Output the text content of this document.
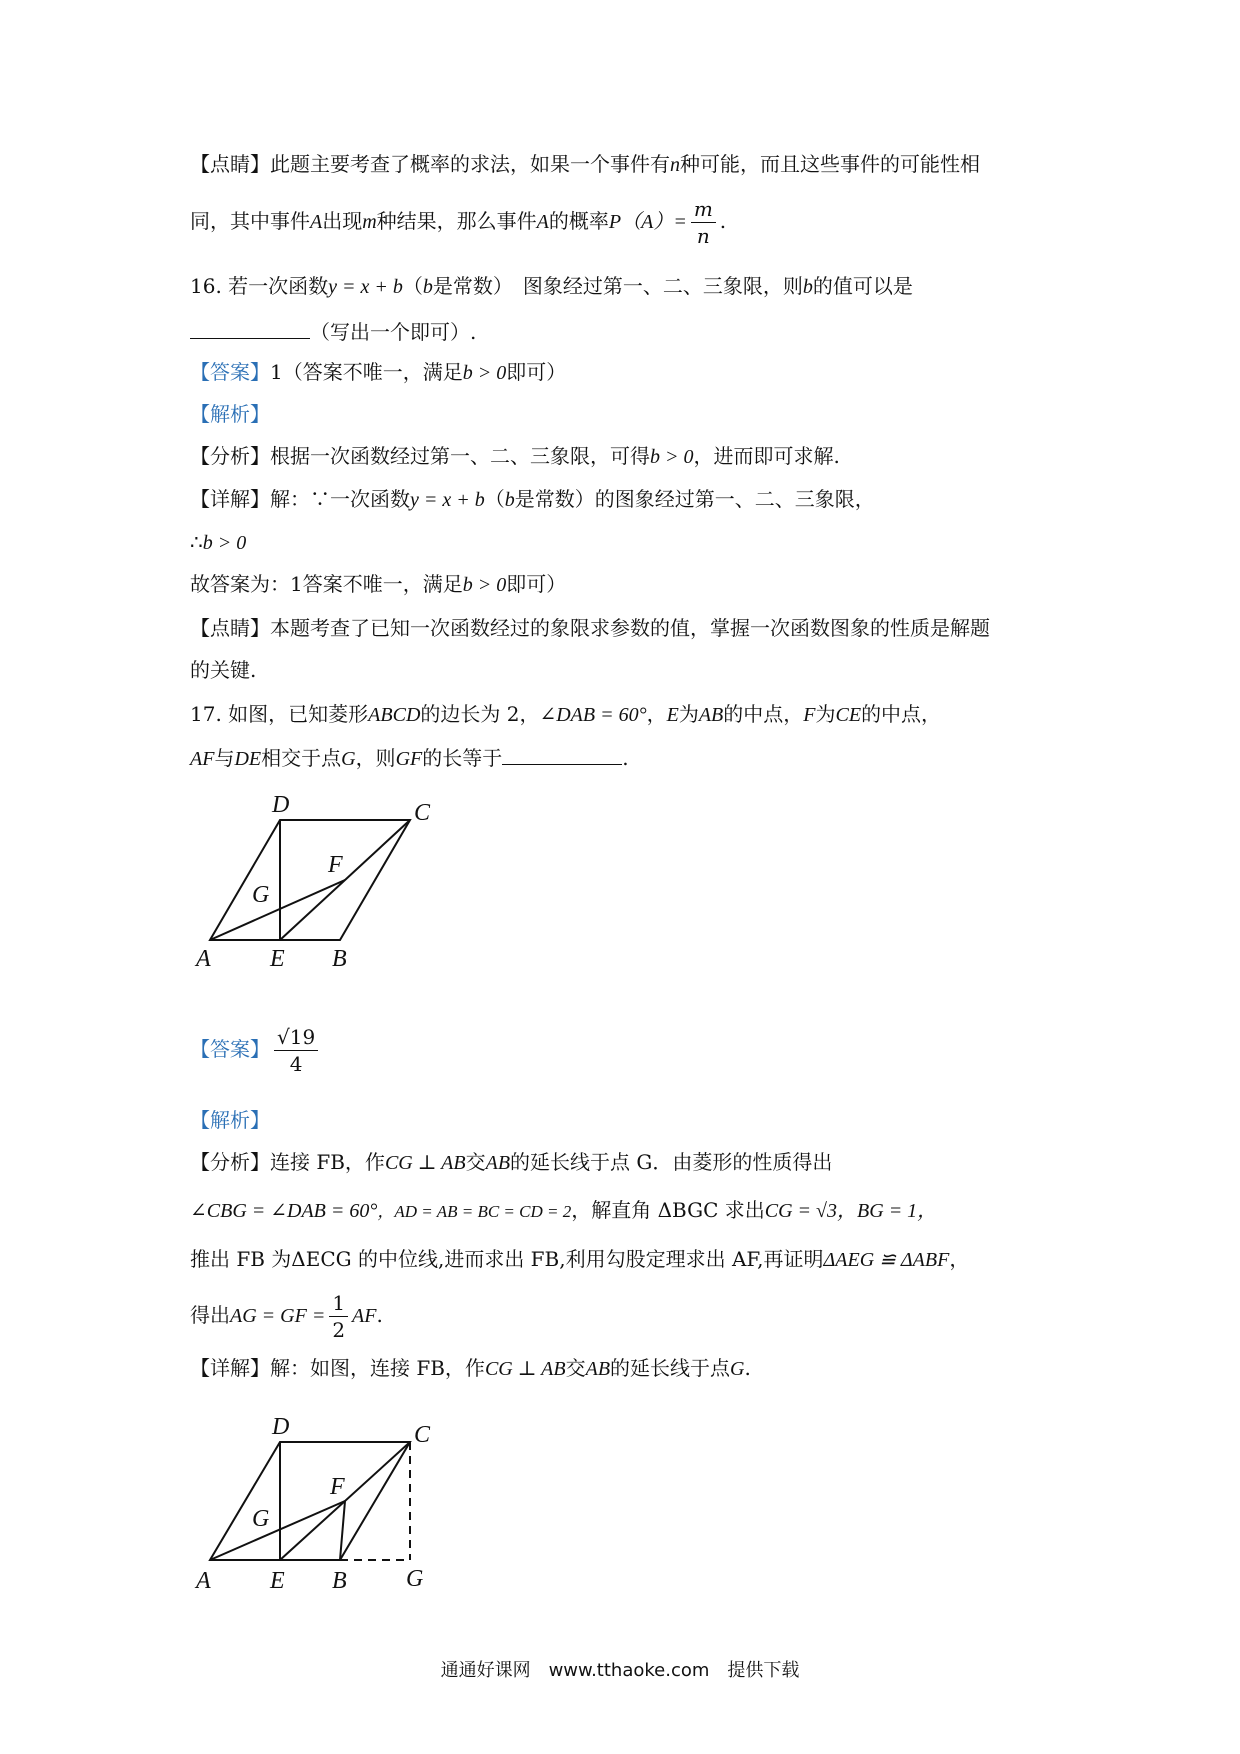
【点睛】此题主要考查了概率的求法，如果一个事件有n种可能，而且这些事件的可能性相
同，其中事件A出现m种结果，那么事件A的概率$P(A)= \frac{m}{n}$ .
16. 若一次函数y = x + b（b是常数）　图象经过第一、二、三象限，则b的值可以是
（写出一个即可）.
【答案】1（答案不唯一，满足b > 0即可）
【解析】
【分析】根据一次函数经过第一、二、三象限，可得b > 0，进而即可求解.
【详解】解：∵一次函数y = x + b（b是常数）的图象经过第一、二、三象限，
∴b > 0
故答案为：1答案不唯一，满足b > 0即可）
【点睛】本题考查了已知一次函数经过的象限求参数的值，掌握一次函数图象的性质是解题
的关键.
17. 如图，已知菱形ABCD的边长为 2，∠DAB = 60°，E为AB的中点，F为CE的中点，
AF与DE相交于点G，则GF的长等于	.
D	C
F
G
A E B
【答案】 $\frac{√19}{4}$
【解析】
【分析】连接 FB，作CG ⊥ AB交AB的延长线于点 G．由菱形的性质得出
∠CBG = ∠DAB = 60°，AD = AB = BC = CD = 2，解直角 ΔBGC 求出CG = √3，BG = 1，
推出 FB 为ΔECG 的中位线,进而求出 FB,利用勾股定理求出 AF,再证明ΔAEG ≌ ΔABF，
得出AG = GF = $\frac{1}{2}$ AF.
【详解】解：如图，连接 FB，作CG ⊥ AB交AB的延长线于点G.
D	C
F
G
A E B G
通通好课网　www.tthaoke.com　提供下载
